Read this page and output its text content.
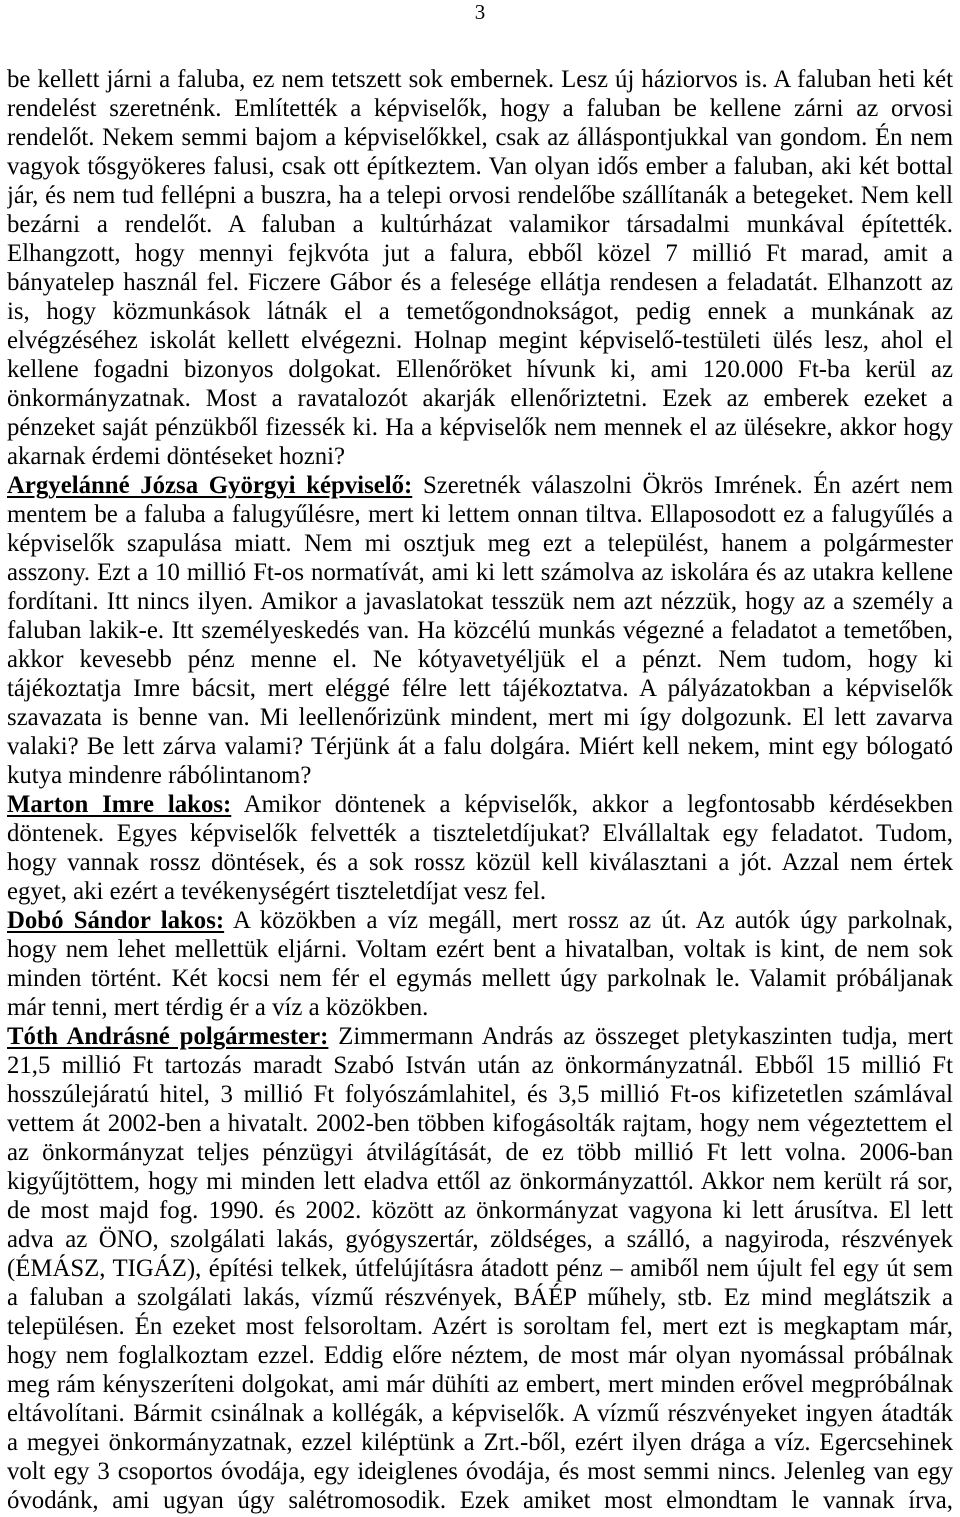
3
be kellett járni a faluba, ez nem tetszett sok embernek. Lesz új háziorvos is. A faluban heti két
rendelést szeretnénk. Említették a képviselők, hogy a faluban be kellene zárni az orvosi
rendelőt. Nekem semmi bajom a képviselőkkel, csak az álláspontjukkal van gondom. Én nem
vagyok tősgyökeres falusi, csak ott építkeztem. Van olyan idős ember a faluban, aki két bottal
jár, és nem tud fellépni a buszra, ha a telepi orvosi rendelőbe szállítanák a betegeket. Nem kell
bezárni a rendelőt. A faluban a kultúrházat valamikor társadalmi munkával építették.
Elhangzott, hogy mennyi fejkvóta jut a falura, ebből közel 7 millió Ft marad, amit a
bányatelep használ fel. Ficzere Gábor és a felesége ellátja rendesen a feladatát. Elhanzott az
is, hogy közmunkások látnák el a temetőgondnokságot, pedig ennek a munkának az
elvégzéséhez iskolát kellett elvégezni. Holnap megint képviselő-testületi ülés lesz, ahol el
kellene fogadni bizonyos dolgokat. Ellenőröket hívunk ki, ami 120.000 Ft-ba kerül az
önkormányzatnak. Most a ravatalozót akarják ellenőriztetni. Ezek az emberek ezeket a
pénzeket saját pénzükből fizessék ki. Ha a képviselők nem mennek el az ülésekre, akkor hogy
akarnak érdemi döntéseket hozni?
Argyelánné Józsa Györgyi képviselő: Szeretnék válaszolni Ökrös Imrének. Én azért nem
mentem be a faluba a falugyűlésre, mert ki lettem onnan tiltva. Ellaposodott ez a falugyűlés a
képviselők szapulása miatt. Nem mi osztjuk meg ezt a települést, hanem a polgármester
asszony. Ezt a 10 millió Ft-os normatívát, ami ki lett számolva az iskolára és az utakra kellene
fordítani. Itt nincs ilyen. Amikor a javaslatokat tesszük nem azt nézzük, hogy az a személy a
faluban lakik-e. Itt személyeskedés van. Ha közcélú munkás végezné a feladatot a temetőben,
akkor kevesebb pénz menne el. Ne kótyavetyéljük el a pénzt. Nem tudom, hogy ki
tájékoztatja Imre bácsit, mert eléggé félre lett tájékoztatva. A pályázatokban a képviselők
szavazata is benne van. Mi leellenőrizünk mindent, mert mi így dolgozunk. El lett zavarva
valaki? Be lett zárva valami? Térjünk át a falu dolgára. Miért kell nekem, mint egy bólogató
kutya mindenre rábólintanom?
Marton Imre lakos: Amikor döntenek a képviselők, akkor a legfontosabb kérdésekben
döntenek. Egyes képviselők felvették a tiszteletdíjukat? Elvállaltak egy feladatot. Tudom,
hogy vannak rossz döntések, és a sok rossz közül kell kiválasztani a jót. Azzal nem értek
egyet, aki ezért a tevékenységért tiszteletdíjat vesz fel.
Dobó Sándor lakos: A közökben a víz megáll, mert rossz az út. Az autók úgy parkolnak,
hogy nem lehet mellettük eljárni. Voltam ezért bent a hivatalban, voltak is kint, de nem sok
minden történt. Két kocsi nem fér el egymás mellett úgy parkolnak le. Valamit próbáljanak
már tenni, mert térdig ér a víz a közökben.
Tóth Andrásné polgármester: Zimmermann András az összeget pletykaszinten tudja, mert
21,5 millió Ft tartozás maradt Szabó István után az önkormányzatnál. Ebből 15 millió Ft
hosszúlejáratú hitel, 3 millió Ft folyószámlahitel, és 3,5 millió Ft-os kifizetetlen számlával
vettem át 2002-ben a hivatalt. 2002-ben többen kifogásolták rajtam, hogy nem végeztettem el
az önkormányzat teljes pénzügyi átvilágítását, de ez több millió Ft lett volna. 2006-ban
kigyűjtöttem, hogy mi minden lett eladva ettől az önkormányzattól. Akkor nem került rá sor,
de most majd fog. 1990. és 2002. között az önkormányzat vagyona ki lett árusítva. El lett
adva az ÖNO, szolgálati lakás, gyógyszertár, zöldséges, a szálló, a nagyiroda, részvények
(ÉMÁSZ, TIGÁZ), építési telkek, útfelújításra átadott pénz – amiből nem újult fel egy út sem
a faluban a szolgálati lakás, vízmű részvények, BÁÉP műhely, stb. Ez mind meglátszik a
településen. Én ezeket most felsoroltam. Azért is soroltam fel, mert ezt is megkaptam már,
hogy nem foglalkoztam ezzel. Eddig előre néztem, de most már olyan nyomással próbálnak
meg rám kényszeríteni dolgokat, ami már dühíti az embert, mert minden erővel megpróbálnak
eltávolítani. Bármit csinálnak a kollégák, a képviselők. A vízmű részvényeket ingyen átadták
a megyei önkormányzatnak, ezzel kiléptünk a Zrt.-ből, ezért ilyen drága a víz. Egercsehinek
volt egy 3 csoportos óvodája, egy ideiglenes óvodája, és most semmi nincs. Jelenleg van egy
óvodánk, ami ugyan úgy salétromosodik. Ezek amiket most elmondtam le vannak írva,
